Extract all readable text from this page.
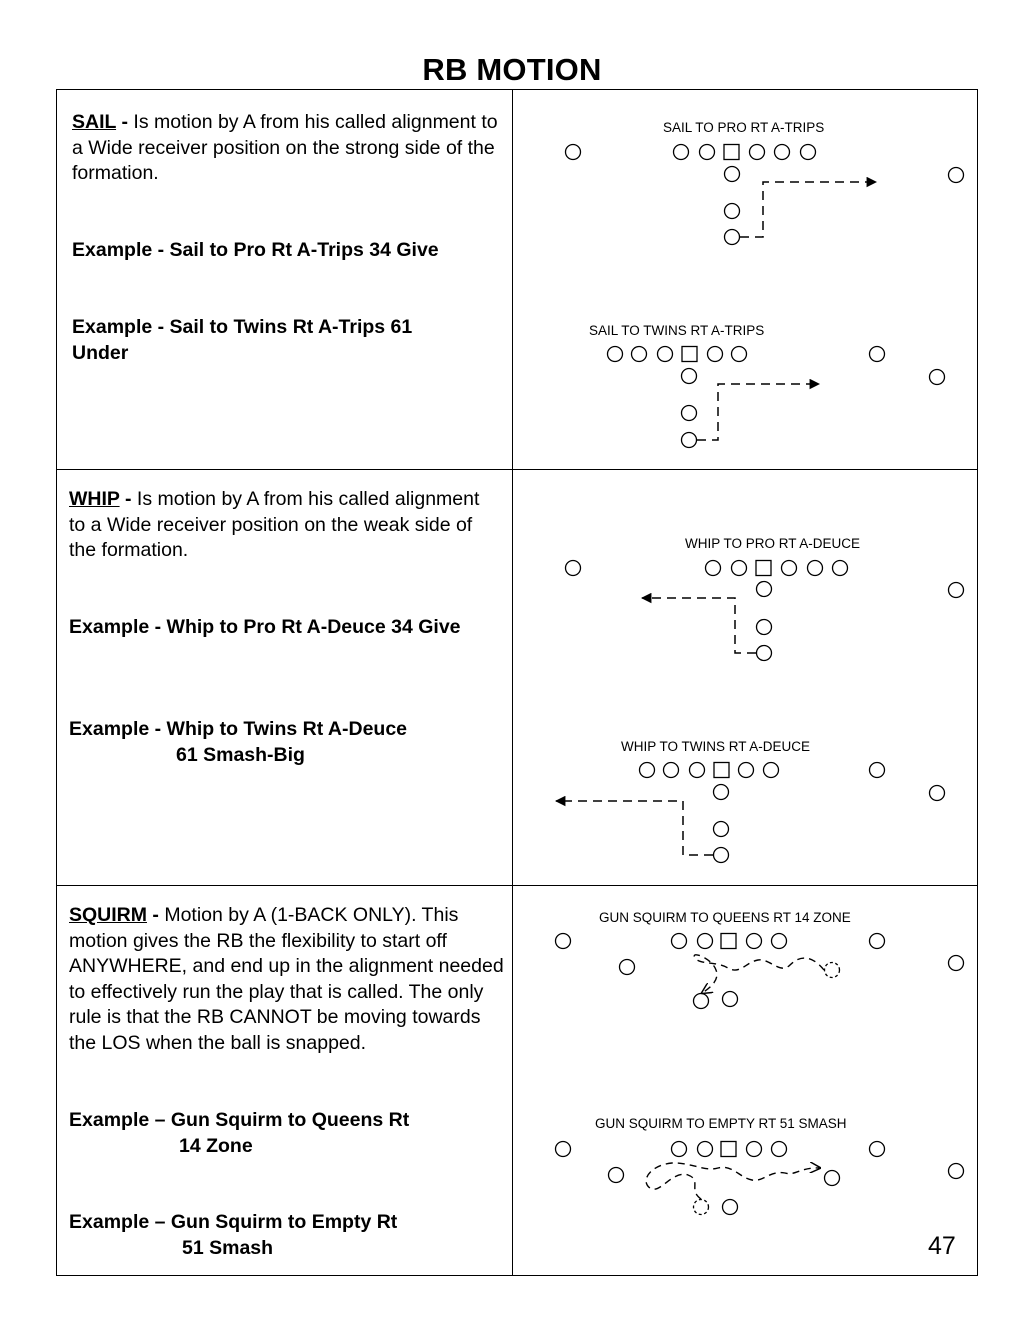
RB MOTION

SAIL - Is motion by A from his called alignment to a Wide receiver position on the strong side of the formation.

Example - Sail to Pro Rt A-Trips 34 Give
Example - Sail to Twins Rt A-Trips 61 Under

WHIP - Is motion by A from his called alignment to a Wide receiver position on the weak side of the formation.

Example - Whip to Pro Rt A-Deuce 34 Give
Example - Whip to Twins Rt A-Deuce
61 Smash-Big

SQUIRM - Motion by A (1-BACK ONLY). This motion gives the RB the flexibility to start off ANYWHERE, and end up in the alignment needed to effectively run the play that is called. The only rule is that the RB CANNOT be moving towards the LOS when the ball is snapped.

Example – Gun Squirm to Queens Rt
14 Zone
Example – Gun Squirm to Empty Rt
51 Smash
SAIL TO PRO RT A-TRIPS
SAIL TO TWINS RT A-TRIPS
WHIP TO PRO RT A-DEUCE
WHIP TO TWINS RT A-DEUCE
GUN SQUIRM TO QUEENS RT 14 ZONE
GUN SQUIRM TO EMPTY RT 51 SMASH
47
